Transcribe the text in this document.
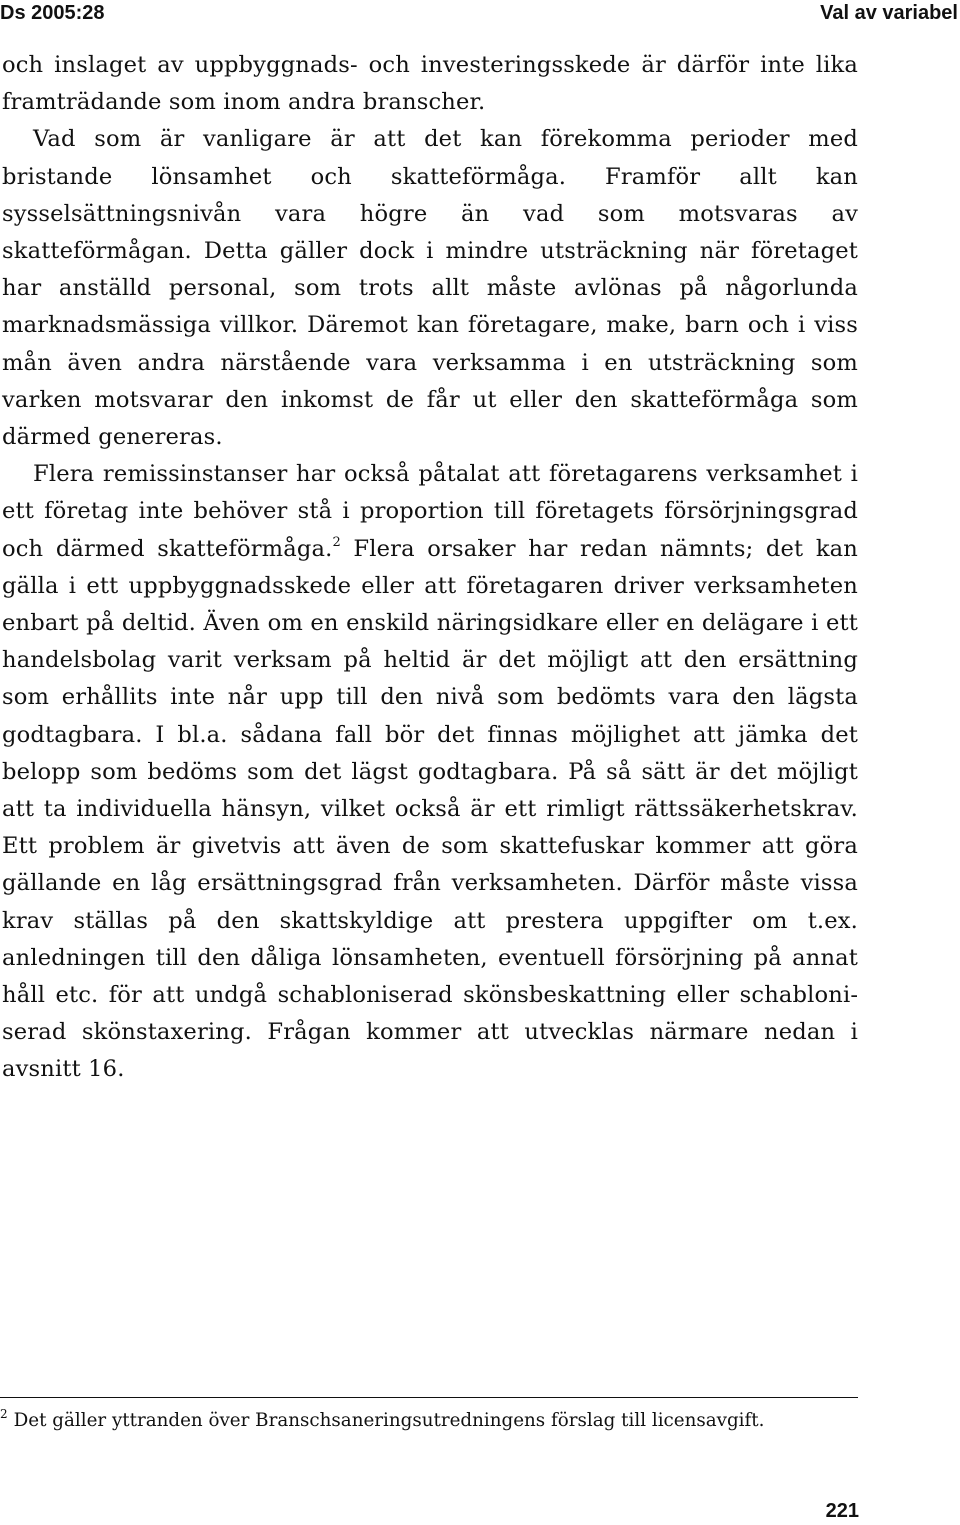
Ds 2005:28	Val av variabel

och inslaget av uppbyggnads- och investeringsskede är därför inte lika framträdande som inom andra branscher.

Vad som är vanligare är att det kan förekomma perioder med bristande lönsamhet och skatteförmåga. Framför allt kan sysselsättningsnivån vara högre än vad som motsvaras av skatteförmågan. Detta gäller dock i mindre utsträckning när företaget har anställd personal, som trots allt måste avlönas på någorlunda marknadsmässiga villkor. Däremot kan företagare, make, barn och i viss mån även andra närstående vara verksamma i en utsträckning som varken motsvarar den inkomst de får ut eller den skatteförmåga som därmed genereras.

Flera remissinstanser har också påtalat att företagarens verksamhet i ett företag inte behöver stå i proportion till företagets försörjningsgrad och därmed skatteförmåga.$^2$ Flera orsaker har redan nämnts; det kan gälla i ett uppbyggnadsskede eller att företagaren driver verksamheten enbart på deltid. Även om en enskild näringsidkare eller en delägare i ett handelsbolag varit verksam på heltid är det möjligt att den ersättning som erhållits inte når upp till den nivå som bedömts vara den lägsta godtagbara. I bl.a. sådana fall bör det finnas möjlighet att jämka det belopp som bedöms som det lägst godtagbara. På så sätt är det möjligt att ta individuella hänsyn, vilket också är ett rimligt rättssäkerhetskrav. Ett problem är givetvis att även de som skattefuskar kommer att göra gällande en låg ersättningsgrad från verksamheten. Därför måste vissa krav ställas på den skattskyldige att prestera uppgifter om t.ex. anledningen till den dåliga lönsamheten, eventuell försörjning på annat håll etc. för att undgå schabloniserad skönsbeskattning eller schabloniserad skönstaxering. Frågan kommer att utvecklas närmare nedan i avsnitt 16.

$^2$ Det gäller yttranden över Branschsaneringsutredningens förslag till licensavgift.
221
